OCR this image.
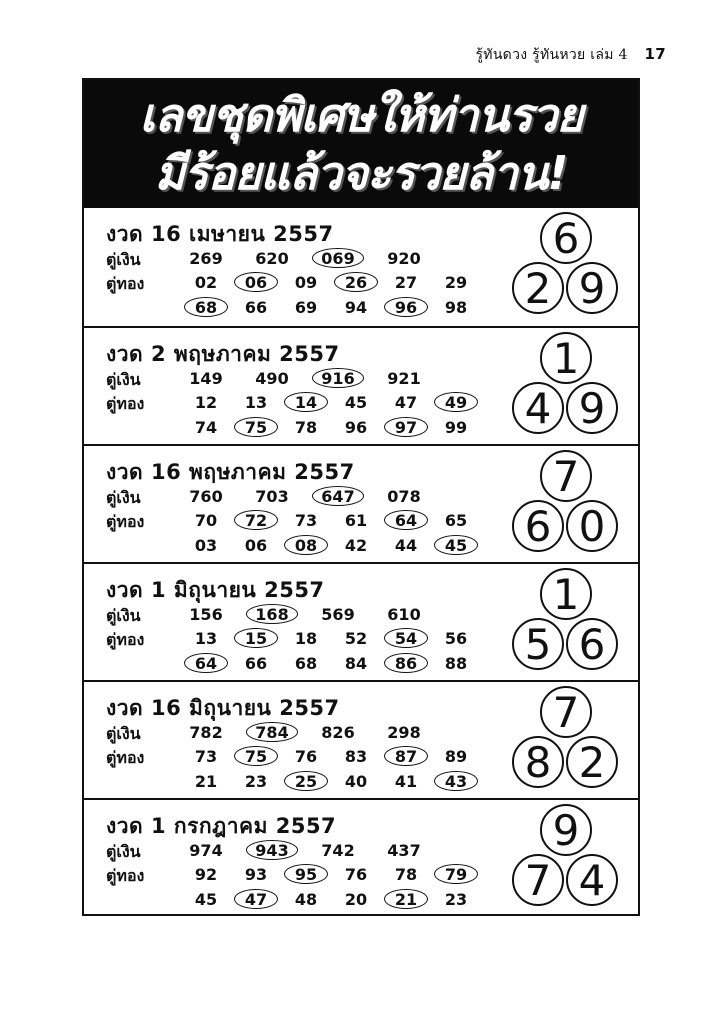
รู้ทันดวง รู้ทันหวย เล่ม 4 17
เลขชุดพิเศษให้ท่านรวย
มีร้อยแล้วจะรวยล้าน!
งวด 16 เมษายน 2557
ตู่เงิน	269	620	069	920
ตู่ทอง	02	06	09	26	27	29
68	66	69	94	96	98
6
2 9
งวด 2 พฤษภาคม 2557
ตู่เงิน	149	490	916	921
ตู่ทอง	12	13	14	45	47	49
74	75	78	96	97	99
1
4 9
งวด 16 พฤษภาคม 2557
ตู่เงิน	760	703	647	078
ตู่ทอง	70	72	73	61	64	65
03	06	08	42	44	45
7
6 0
งวด 1 มิถุนายน 2557
ตู่เงิน	156	168	569	610
ตู่ทอง	13	15	18	52	54	56
64	66	68	84	86	88
1
5 6
งวด 16 มิถุนายน 2557
ตู่เงิน	782	784	826	298
ตู่ทอง	73	75	76	83	87	89
21	23	25	40	41	43
7
8 2
งวด 1 กรกฎาคม 2557
ตู่เงิน	974	943	742	437
ตู่ทอง	92	93	95	76	78	79
45	47	48	20	21	23
9
7 4
